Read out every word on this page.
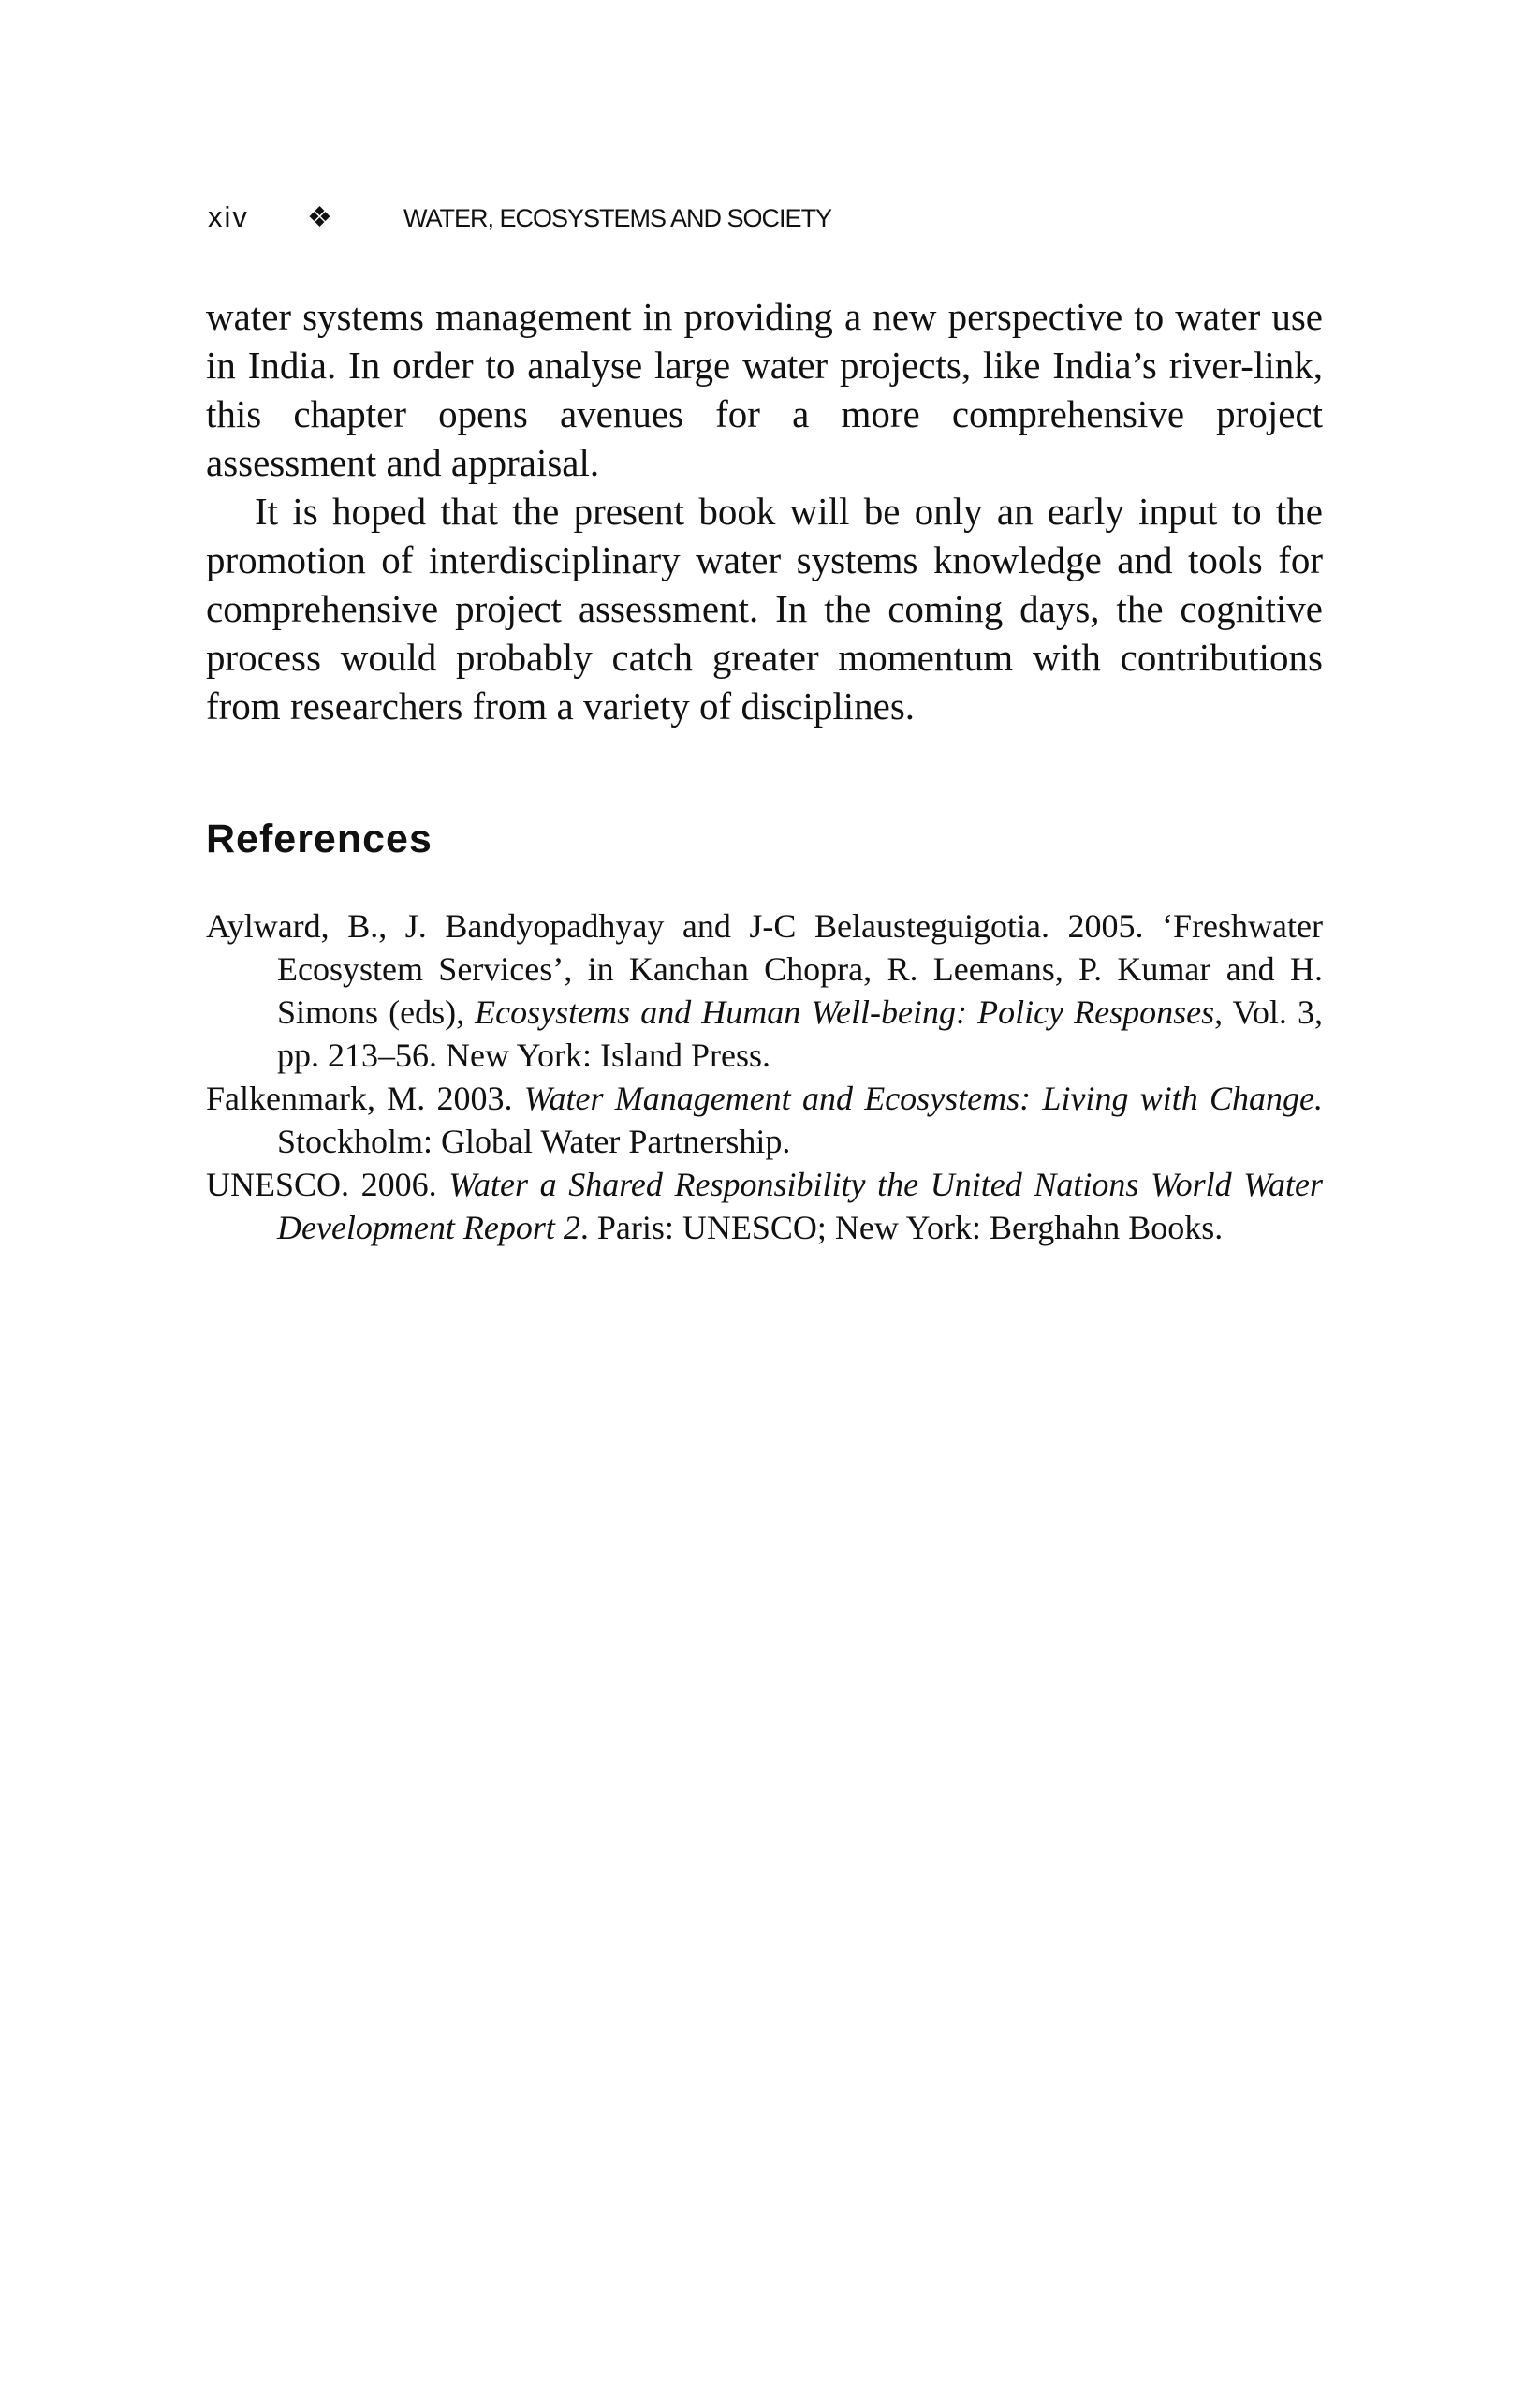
xiv ❖	WATER, ECOSYSTEMS AND SOCIETY

water systems management in providing a new perspective to water use in India. In order to analyse large water projects, like India’s river-link, this chapter opens avenues for a more comprehensive project assessment and appraisal.

It is hoped that the present book will be only an early input to the promotion of interdisciplinary water systems knowledge and tools for comprehensive project assessment. In the coming days, the cognitive process would probably catch greater momentum with contributions from researchers from a variety of disciplines.

References
Aylward, B., J. Bandyopadhyay and J-C Belausteguigotia. 2005. ‘Freshwater Ecosystem Services’, in Kanchan Chopra, R. Leemans, P. Kumar and H. Simons (eds), Ecosystems and Human Well-being: Policy Responses, Vol. 3, pp. 213–56. New York: Island Press.
Falkenmark, M. 2003. Water Management and Ecosystems: Living with Change. Stockholm: Global Water Partnership.
UNESCO. 2006. Water a Shared Responsibility the United Nations World Water Development Report 2. Paris: UNESCO; New York: Berghahn Books.
